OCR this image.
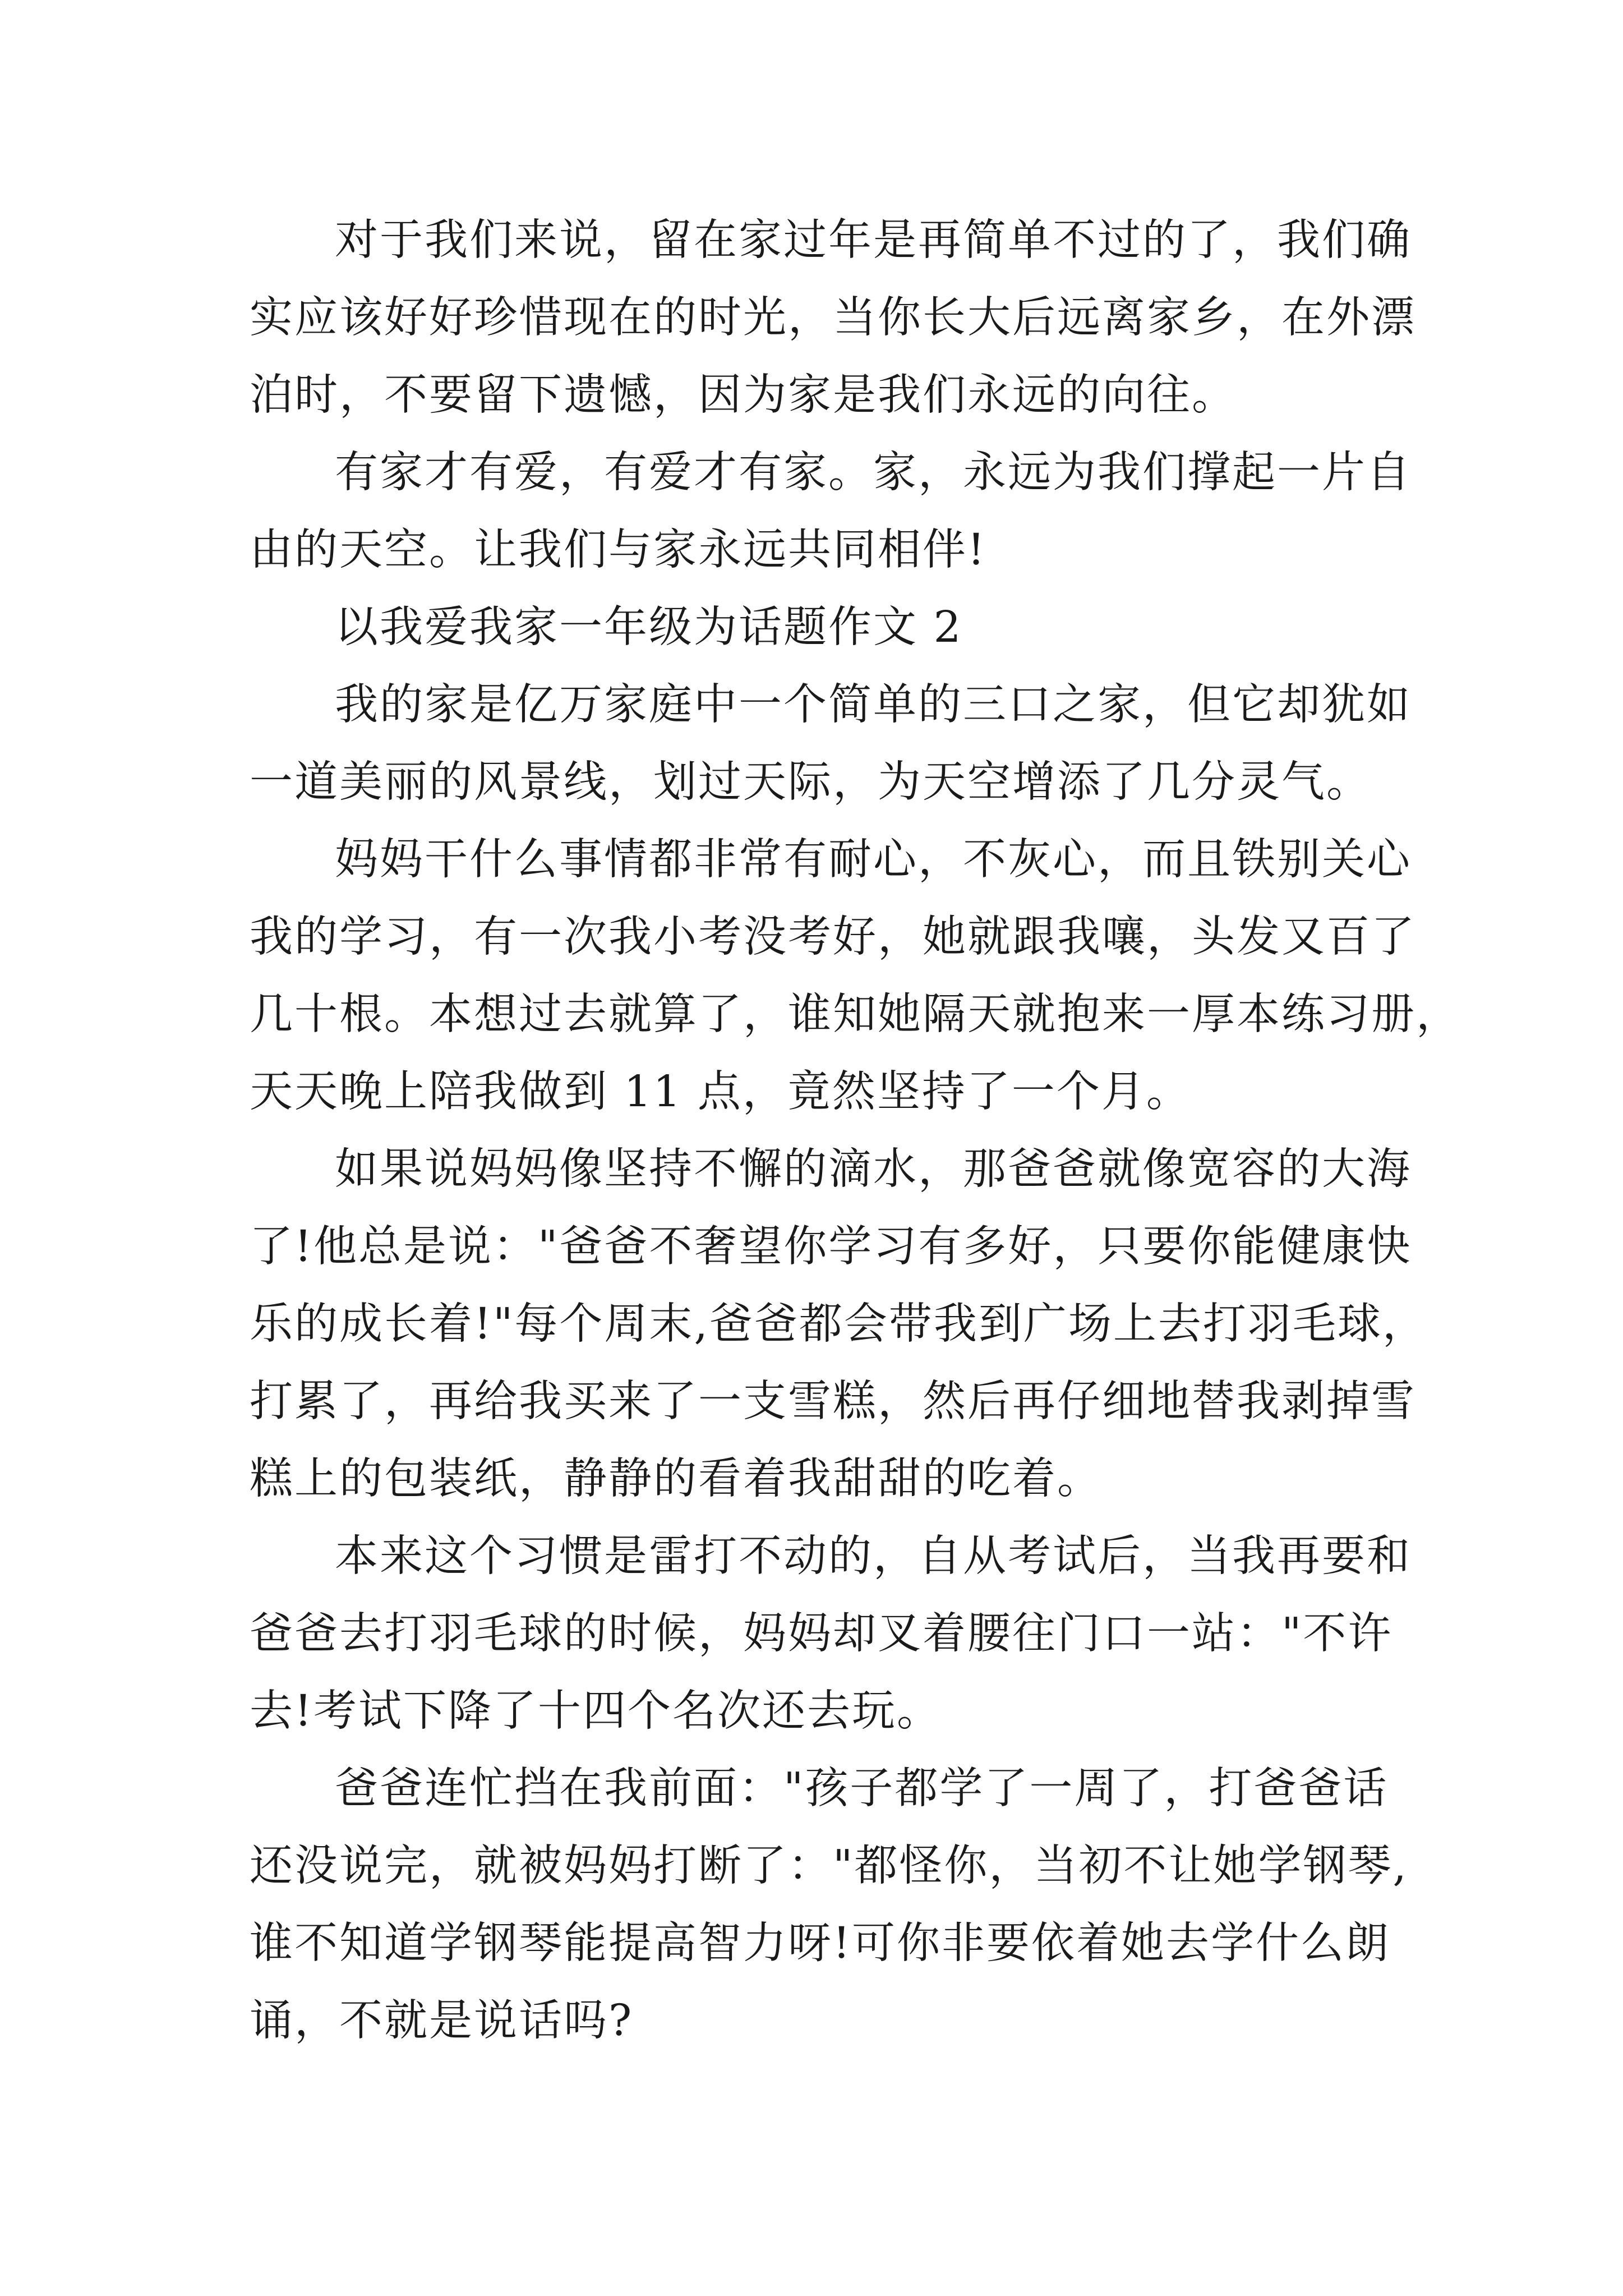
对于我们来说，留在家过年是再简单不过的了，我们确
实应该好好珍惜现在的时光，当你长大后远离家乡，在外漂
泊时，不要留下遗憾，因为家是我们永远的向往。
有家才有爱，有爱才有家。家，永远为我们撑起一片自
由的天空。让我们与家永远共同相伴!
以我爱我家一年级为话题作文 2
我的家是亿万家庭中一个简单的三口之家，但它却犹如
一道美丽的风景线，划过天际，为天空增添了几分灵气。
妈妈干什么事情都非常有耐心，不灰心，而且铁别关心
我的学习，有一次我小考没考好，她就跟我嚷，头发又百了
几十根。本想过去就算了，谁知她隔天就抱来一厚本练习册，
天天晚上陪我做到 11 点，竟然坚持了一个月。
如果说妈妈像坚持不懈的滴水，那爸爸就像宽容的大海
了!他总是说："爸爸不奢望你学习有多好，只要你能健康快
乐的成长着!"每个周末,爸爸都会带我到广场上去打羽毛球，
打累了，再给我买来了一支雪糕，然后再仔细地替我剥掉雪
糕上的包装纸，静静的看着我甜甜的吃着。
本来这个习惯是雷打不动的，自从考试后，当我再要和
爸爸去打羽毛球的时候，妈妈却叉着腰往门口一站："不许
去!考试下降了十四个名次还去玩。
爸爸连忙挡在我前面："孩子都学了一周了，打爸爸话
还没说完，就被妈妈打断了："都怪你，当初不让她学钢琴,
谁不知道学钢琴能提高智力呀!可你非要依着她去学什么朗
诵，不就是说话吗?
